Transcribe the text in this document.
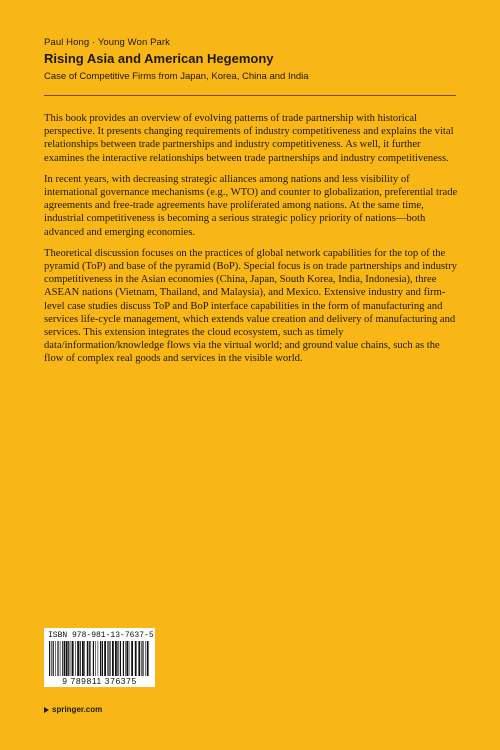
Paul Hong · Young Won Park
Rising Asia and American Hegemony
Case of Competitive Firms from Japan, Korea, China and India

This book provides an overview of evolving patterns of trade partnership with historical perspective. It presents changing requirements of industry competitiveness and explains the vital relationships between trade partnerships and industry competitiveness. As well, it further examines the interactive relationships between trade partnerships and industry competitiveness.

In recent years, with decreasing strategic alliances among nations and less visibility of international governance mechanisms (e.g., WTO) and counter to globalization, preferential trade agreements and free-trade agreements have proliferated among nations. At the same time, industrial competitiveness is becoming a serious strategic policy priority of nations—both advanced and emerging economies.

Theoretical discussion focuses on the practices of global network capabilities for the top of the pyramid (ToP) and base of the pyramid (BoP). Special focus is on trade partnerships and industry competitiveness in the Asian economies (China, Japan, South Korea, India, Indonesia), three ASEAN nations (Vietnam, Thailand, and Malaysia), and Mexico. Extensive industry and firm-level case studies discuss ToP and BoP interface capabilities in the form of manufacturing and services life-cycle management, which extends value creation and delivery of manufacturing and services. This extension integrates the cloud ecosystem, such as timely data/information/knowledge flows via the virtual world; and ground value chains, such as the flow of complex real goods and services in the visible world.

ISBN 978-981-13-7637-5
9 789811 376375
springer.com
